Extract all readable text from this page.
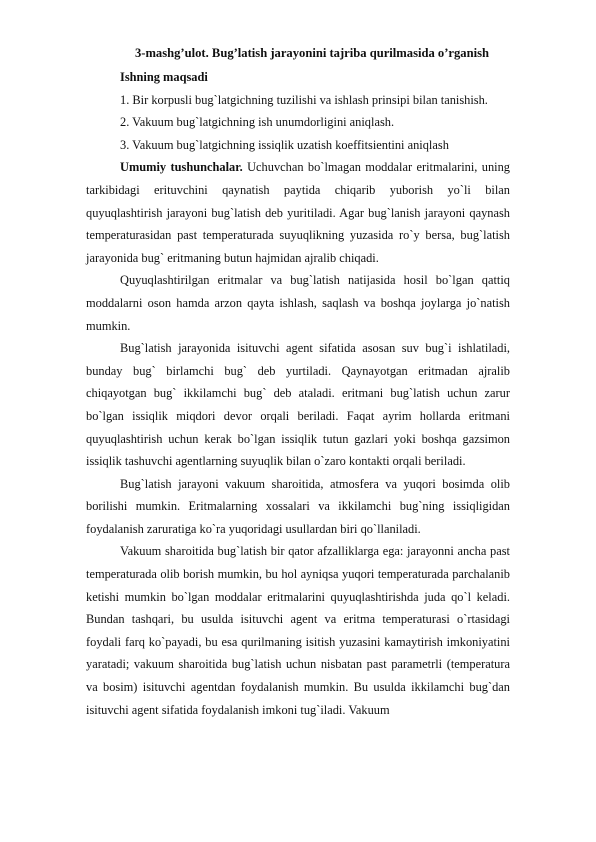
3-mashg’ulot. Bug’latish jarayonini tajriba qurilmasida o’rganish

Ishning maqsadi

1. Bir korpusli bug`latgichning tuzilishi va ishlash prinsipi bilan tanishish.

2. Vakuum bug`latgichning ish unumdorligini aniqlash.

3. Vakuum bug`latgichning issiqlik uzatish koeffitsientini aniqlash

Umumiy tushunchalar. Uchuvchan bo`lmagan moddalar eritmalarini, uning tarkibidagi erituvchini qaynatish paytida chiqarib yuborish yo`li bilan quyuqlashtirish jarayoni bug`latish deb yuritiladi. Agar bug`lanish jarayoni qaynash temperaturasidan past temperaturada suyuqlikning yuzasida ro`y bersa, bug`latish jarayonida bug` eritmaning butun hajmidan ajralib chiqadi.

Quyuqlashtirilgan eritmalar va bug`latish natijasida hosil bo`lgan qattiq moddalarni oson hamda arzon qayta ishlash, saqlash va boshqa joylarga jo`natish mumkin.

Bug`latish jarayonida isituvchi agent sifatida asosan suv bug`i ishlatiladi, bunday bug` birlamchi bug` deb yurtiladi. Qaynayotgan eritmadan ajralib chiqayotgan bug` ikkilamchi bug` deb ataladi. eritmani bug`latish uchun zarur bo`lgan issiqlik miqdori devor orqali beriladi. Faqat ayrim hollarda eritmani quyuqlashtirish uchun kerak bo`lgan issiqlik tutun gazlari yoki boshqa gazsimon issiqlik tashuvchi agentlarning suyuqlik bilan o`zaro kontakti orqali beriladi.

Bug`latish jarayoni vakuum sharoitida, atmosfera va yuqori bosimda olib borilishi mumkin. Eritmalarning xossalari va ikkilamchi bug`ning issiqligidan foydalanish zaruratiga ko`ra yuqoridagi usullardan biri qo`llaniladi.

Vakuum sharoitida bug`latish bir qator afzalliklarga ega: jarayonni ancha past temperaturada olib borish mumkin, bu hol ayniqsa yuqori temperaturada parchalanib ketishi mumkin bo`lgan moddalar eritmalarini quyuqlashtirishda juda qo`l keladi. Bundan tashqari, bu usulda isituvchi agent va eritma temperaturasi o`rtasidagi foydali farq ko`payadi, bu esa qurilmaning isitish yuzasini kamaytirish imkoniyatini yaratadi; vakuum sharoitida bug`latish uchun nisbatan past parametrli (temperatura va bosim) isituvchi agentdan foydalanish mumkin. Bu usulda ikkilamchi bug`dan isituvchi agent sifatida foydalanish imkoni tug`iladi. Vakuum
